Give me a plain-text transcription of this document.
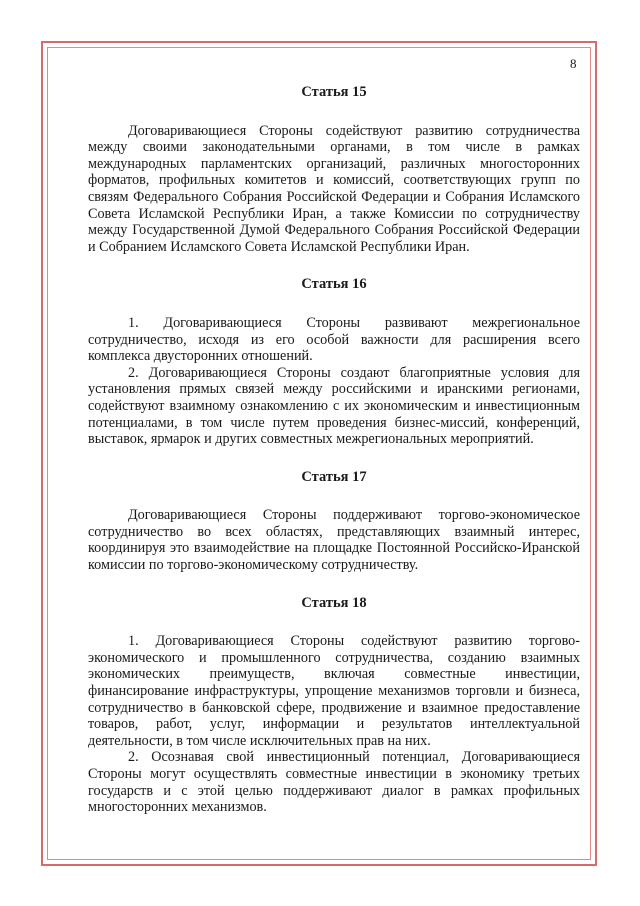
8
Статья 15

Договаривающиеся Стороны содействуют развитию сотрудничества между своими законодательными органами, в том числе в рамках международных парламентских организаций, различных многосторонних форматов, профильных комитетов и комиссий, соответствующих групп по связям Федерального Собрания Российской Федерации и Собрания Исламского Совета Исламской Республики Иран, а также Комиссии по сотрудничеству между Государственной Думой Федерального Собрания Российской Федерации и Собранием Исламского Совета Исламской Республики Иран.

Статья 16

1. Договаривающиеся Стороны развивают межрегиональное сотрудничество, исходя из его особой важности для расширения всего комплекса двусторонних отношений.

2. Договаривающиеся Стороны создают благоприятные условия для установления прямых связей между российскими и иранскими регионами, содействуют взаимному ознакомлению с их экономическим и инвестиционным потенциалами, в том числе путем проведения бизнес-миссий, конференций, выставок, ярмарок и других совместных межрегиональных мероприятий.

Статья 17

Договаривающиеся Стороны поддерживают торгово-экономическое сотрудничество во всех областях, представляющих взаимный интерес, координируя это взаимодействие на площадке Постоянной Российско-Иранской комиссии по торгово-экономическому сотрудничеству.

Статья 18

1. Договаривающиеся Стороны содействуют развитию торгово-экономического и промышленного сотрудничества, созданию взаимных экономических преимуществ, включая совместные инвестиции, финансирование инфраструктуры, упрощение механизмов торговли и бизнеса, сотрудничество в банковской сфере, продвижение и взаимное предоставление товаров, работ, услуг, информации и результатов интеллектуальной деятельности, в том числе исключительных прав на них.

2. Осознавая свой инвестиционный потенциал, Договаривающиеся Стороны могут осуществлять совместные инвестиции в экономику третьих государств и с этой целью поддерживают диалог в рамках профильных многосторонних механизмов.
